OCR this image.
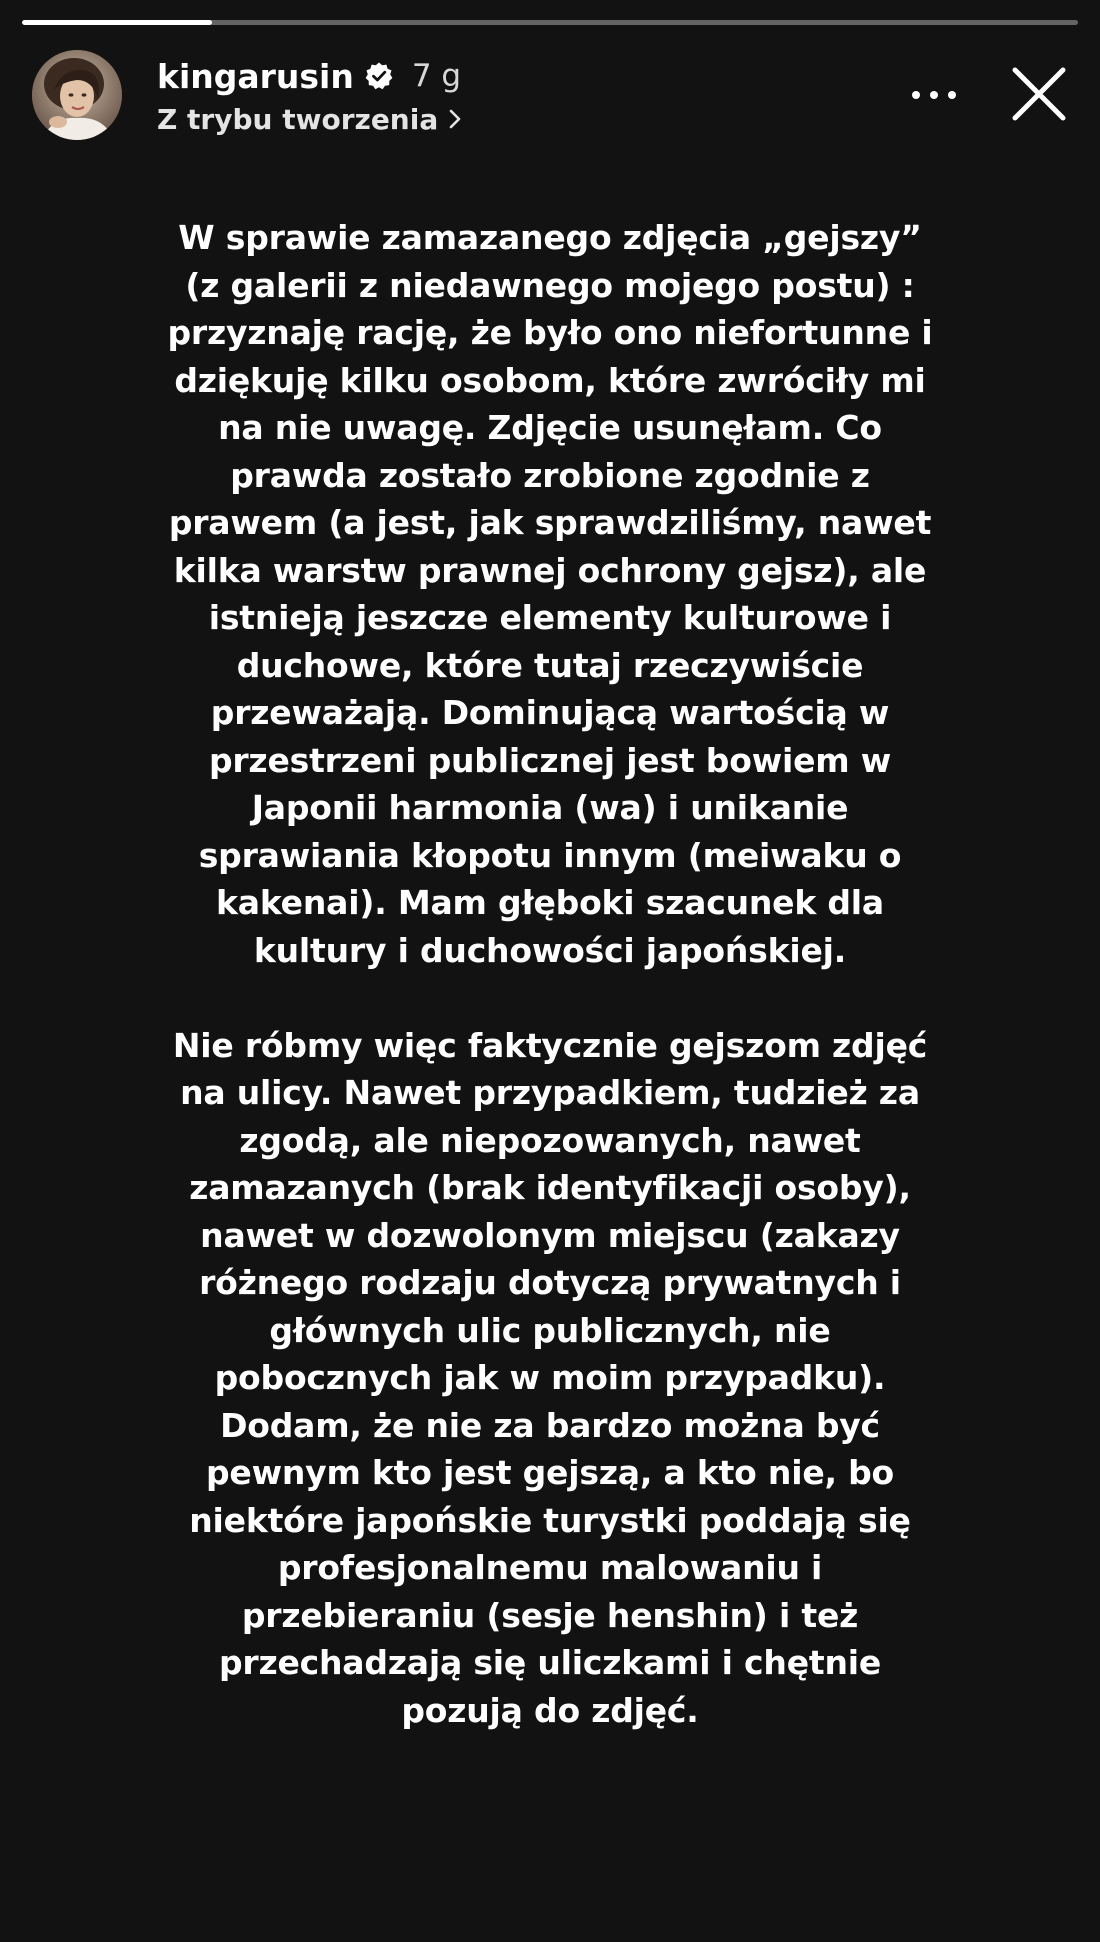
kingarusin 7 g
Z trybu tworzenia

W sprawie zamazanego zdjęcia „gejszy”
(z galerii z niedawnego mojego postu) :
przyznaję rację, że było ono niefortunne i
dziękuję kilku osobom, które zwróciły mi
na nie uwagę. Zdjęcie usunęłam. Co
prawda zostało zrobione zgodnie z
prawem (a jest, jak sprawdziliśmy, nawet
kilka warstw prawnej ochrony gejsz), ale
istnieją jeszcze elementy kulturowe i
duchowe, które tutaj rzeczywiście
przeważają. Dominującą wartością w
przestrzeni publicznej jest bowiem w
Japonii harmonia (wa) i unikanie
sprawiania kłopotu innym (meiwaku o
kakenai). Mam głęboki szacunek dla
kultury i duchowości japońskiej.

Nie róbmy więc faktycznie gejszom zdjęć
na ulicy. Nawet przypadkiem, tudzież za
zgodą, ale niepozowanych, nawet
zamazanych (brak identyfikacji osoby),
nawet w dozwolonym miejscu (zakazy
różnego rodzaju dotyczą prywatnych i
głównych ulic publicznych, nie
pobocznych jak w moim przypadku).
Dodam, że nie za bardzo można być
pewnym kto jest gejszą, a kto nie, bo
niektóre japońskie turystki poddają się
profesjonalnemu malowaniu i
przebieraniu (sesje henshin) i też
przechadzają się uliczkami i chętnie
pozują do zdjęć.
